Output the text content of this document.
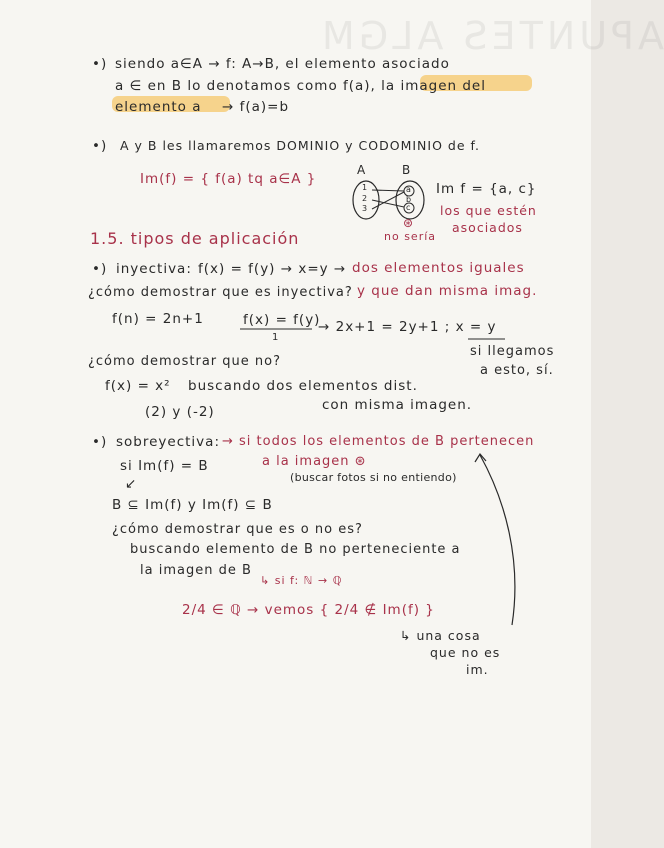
APUNTES ALGM
•) siendo a∈A → f: A→B, el elemento asociado
a ∈ en B lo denotamos como f(a), la imagen del
elemento a → f(a)=b
•) A y B les llamaremos DOMINIO y CODOMINIO de f.
Im(f) = { f(a) tq a∈A }
A	B
1
2
3
a
b
c
Im f = {a, c}
los que estén
asociados
⊛
no sería
1.5. tipos de aplicación
•) inyectiva: f(x) = f(y) → x=y → dos elementos iguales
¿cómo demostrar que es inyectiva? y que dan misma imag.
f(n) = 2n+1	f(x) = f(y)
1
→ 2x+1 = 2y+1 ; x = y
si llegamos
a esto, sí.
¿cómo demostrar que no?
f(x) = x² buscando dos elementos dist.
con misma imagen.
(2) y (-2)
•) sobreyectiva: → si todos los elementos de B pertenecen
a la imagen ⊛
(buscar fotos si no entiendo)
si Im(f) = B
↙
B ⊆ Im(f) y Im(f) ⊆ B
¿cómo demostrar que es o no es?
buscando elemento de B no perteneciente a
la imagen de B
↳ si f: ℕ → ℚ
2/4 ∈ ℚ → vemos { 2/4 ∉ Im(f) }
↳ una cosa
que no es
im.
